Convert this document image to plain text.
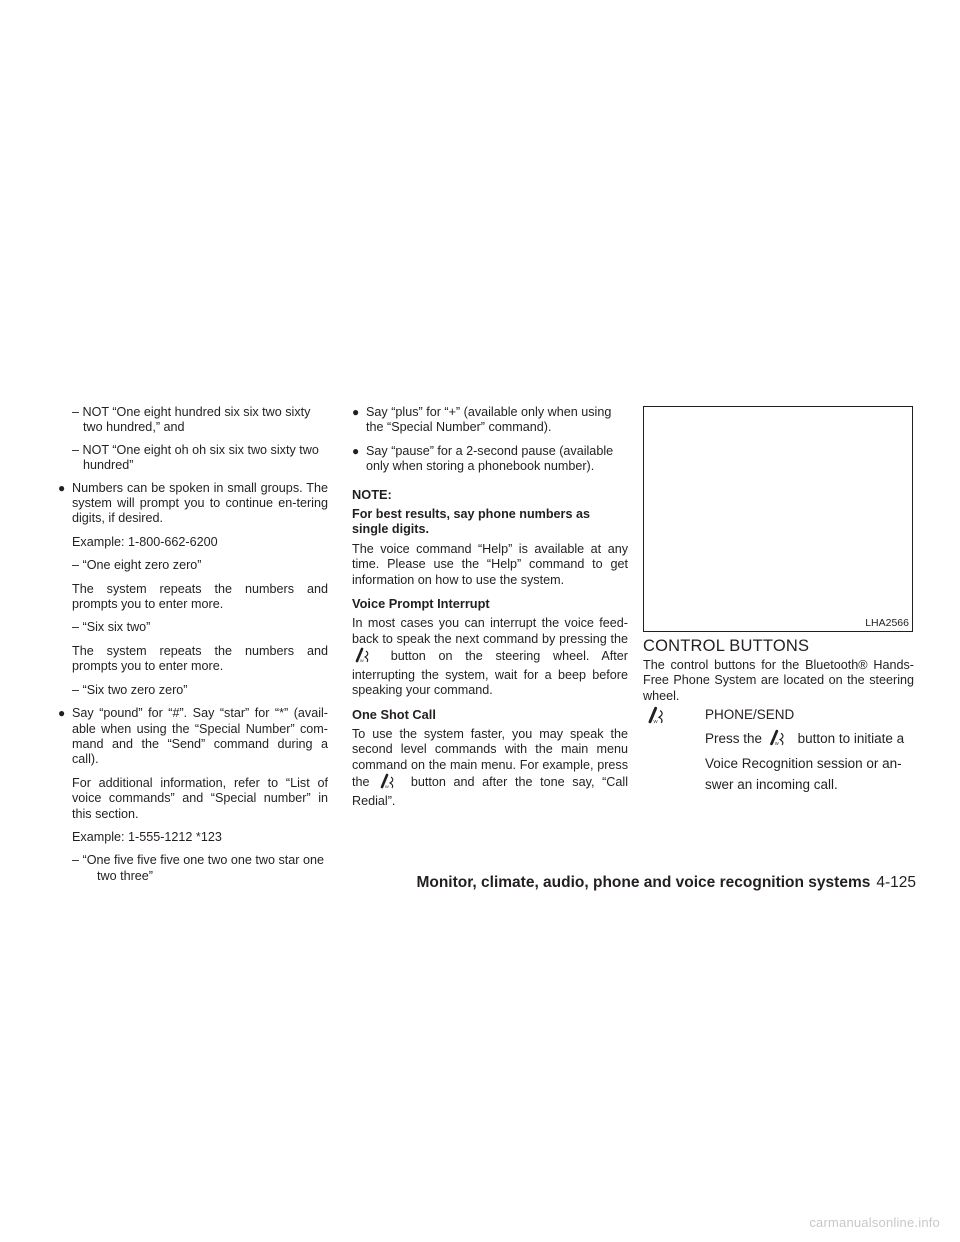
– NOT “One eight hundred six six two sixty two hundred,” and

– NOT “One eight oh oh six six two sixty two hundred”

● Numbers can be spoken in small groups. The system will prompt you to continue en-tering digits, if desired.

Example: 1-800-662-6200

– “One eight zero zero”

The system repeats the numbers and prompts you to enter more.

– “Six six two”

The system repeats the numbers and prompts you to enter more.

– “Six two zero zero”

● Say “pound” for “#”. Say “star” for “*” (avail-able when using the “Special Number” com-mand and the “Send” command during a call).

For additional information, refer to “List of voice commands” and “Special number” in this section.

Example: 1-555-1212 *123

– “One five five five one two one two star one two three”

● Say “plus” for “+” (available only when using the “Special Number” command).
● Say “pause” for a 2-second pause (available only when storing a phonebook number).

NOTE:

For best results, say phone numbers as single digits.

The voice command “Help” is available at any time. Please use the “Help” command to get information on how to use the system.

Voice Prompt Interrupt

In most cases you can interrupt the voice feed-back to speak the next command by pressing the
W button on the steering wheel. After interrupting the system, wait for a beep before speaking your command.

One Shot Call

To use the system faster, you may speak the second level commands with the main menu command on the main menu. For example, press the	W button and after the tone say, “Call Redial”.

LHA2566
CONTROL BUTTONS

The control buttons for the Bluetooth® Hands-Free Phone System are located on the steering wheel.

W	PHONE/SEND
Press the	W button to initiate a Voice Recognition session or an-swer an incoming call.
Monitor, climate, audio, phone and voice recognition systems 4-125
carmanualsonline.info
